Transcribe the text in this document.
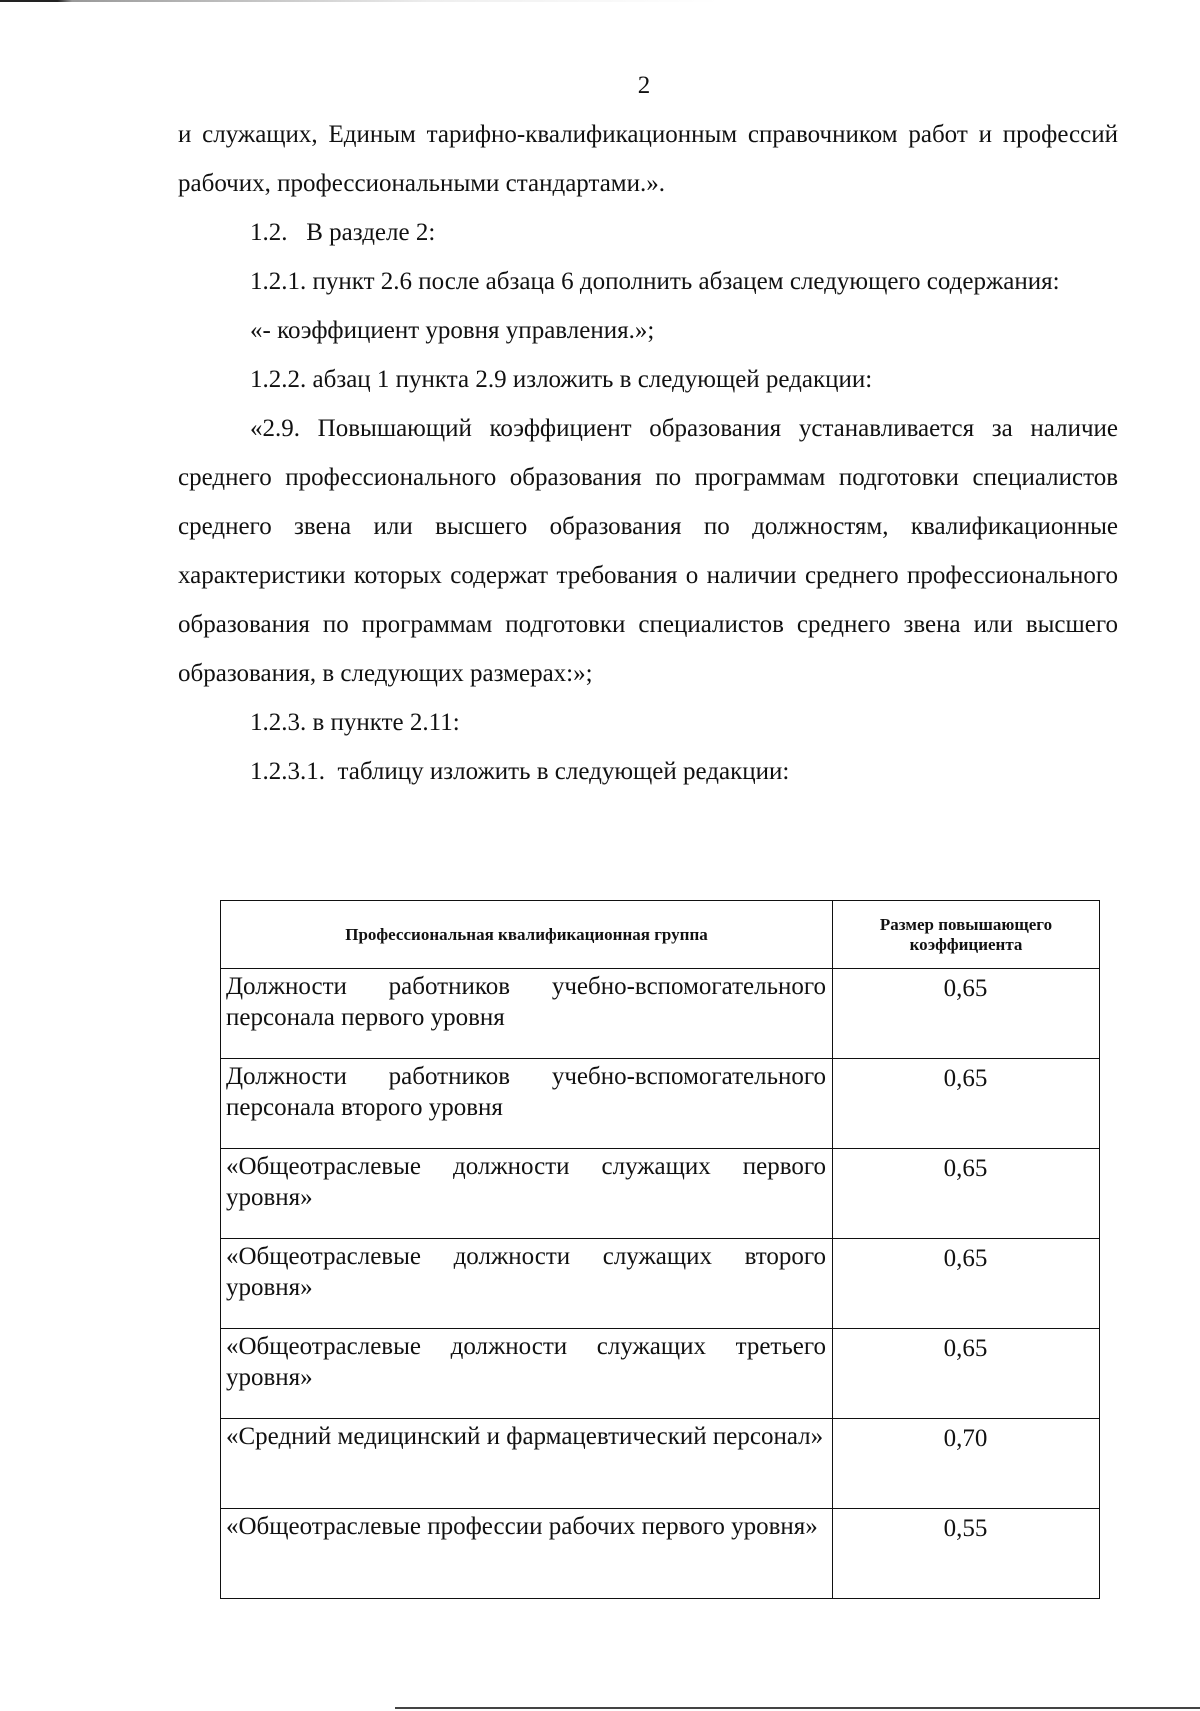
2

и служащих, Единым тарифно-квалификационным справочником работ и профессий рабочих, профессиональными стандартами.».

1.2.   В разделе 2:

1.2.1. пункт 2.6 после абзаца 6 дополнить абзацем следующего содержания:

«- коэффициент уровня управления.»;

1.2.2. абзац 1 пункта 2.9 изложить в следующей редакции:

«2.9. Повышающий коэффициент образования устанавливается за наличие среднего профессионального образования по программам подготовки специалистов среднего звена или высшего образования по должностям, квалификационные характеристики которых содержат требования о наличии среднего профессионального образования по программам подготовки специалистов среднего звена или высшего образования, в следующих размерах:»;

1.2.3. в пункте 2.11:

1.2.3.1.  таблицу изложить в следующей редакции:

Профессиональная квалификационная группа	Размер повышающего коэффициента
Должности работников учебно-вспомогательного персонала первого уровня	0,65
Должности работников учебно-вспомогательного персонала второго уровня	0,65
«Общеотраслевые должности служащих первого уровня»	0,65
«Общеотраслевые должности служащих второго уровня»	0,65
«Общеотраслевые должности служащих третьего уровня»	0,65
«Средний медицинский и фармацевтический персонал»	0,70
«Общеотраслевые профессии рабочих первого уровня»	0,55
